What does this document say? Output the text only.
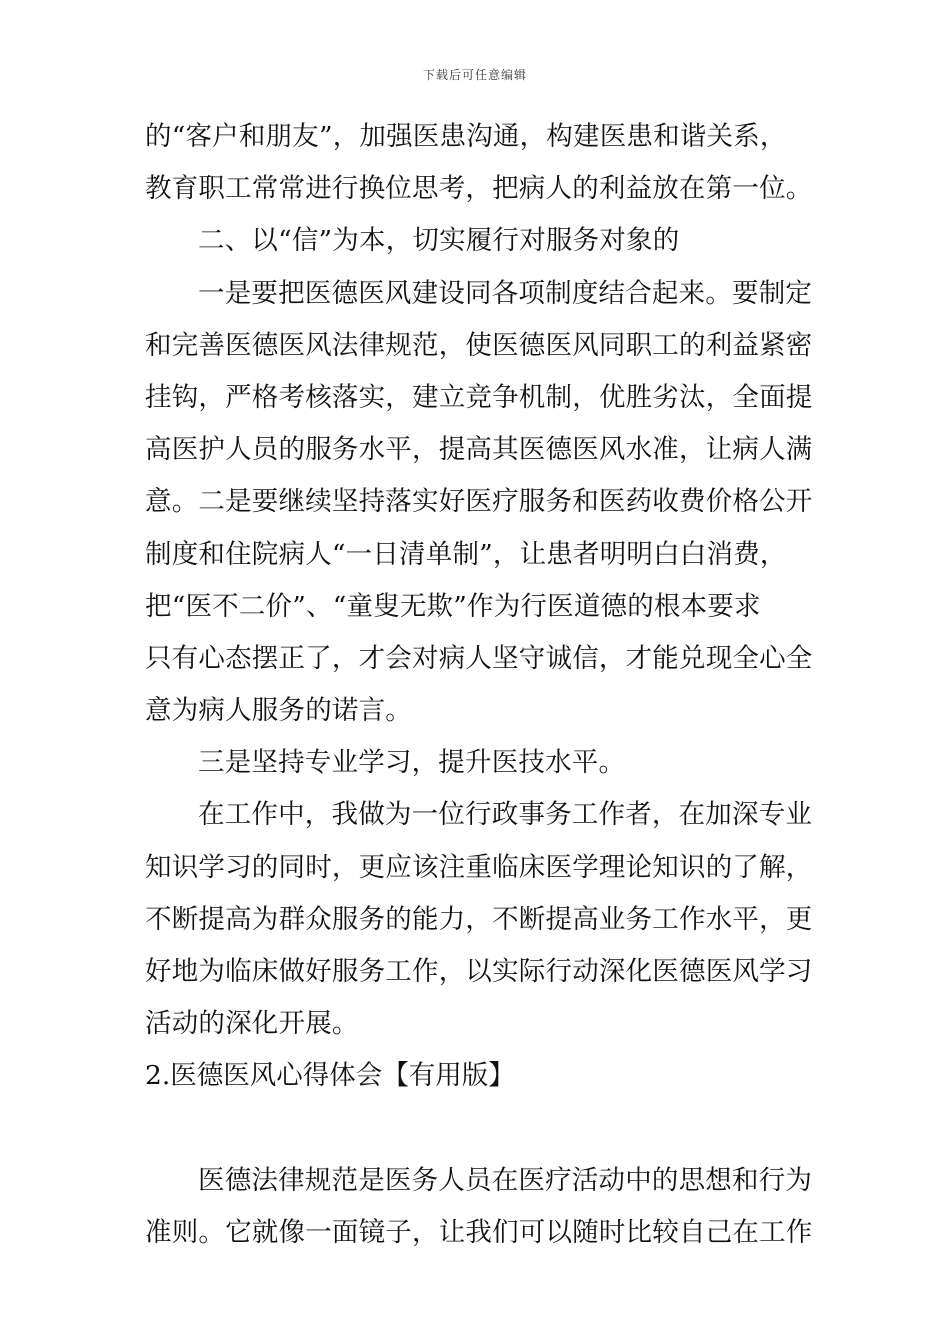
下载后可任意编辑
的“客户和朋友”，加强医患沟通，构建医患和谐关系，
教育职工常常进行换位思考，把病人的利益放在第一位。
二、以“信”为本，切实履行对服务对象的
一是要把医德医风建设同各项制度结合起来。要制定
和完善医德医风法律规范，使医德医风同职工的利益紧密
挂钩，严格考核落实，建立竞争机制，优胜劣汰，全面提
高医护人员的服务水平，提高其医德医风水准，让病人满
意。二是要继续坚持落实好医疗服务和医药收费价格公开
制度和住院病人“一日清单制”，让患者明明白白消费，
把“医不二价”、“童叟无欺”作为行医道德的根本要求
只有心态摆正了，才会对病人坚守诚信，才能兑现全心全
意为病人服务的诺言。
三是坚持专业学习，提升医技水平。
在工作中，我做为一位行政事务工作者，在加深专业
知识学习的同时，更应该注重临床医学理论知识的了解，
不断提高为群众服务的能力，不断提高业务工作水平，更
好地为临床做好服务工作，以实际行动深化医德医风学习
活动的深化开展。
2.医德医风心得体会【有用版】
医德法律规范是医务人员在医疗活动中的思想和行为
准则。它就像一面镜子，让我们可以随时比较自己在工作
